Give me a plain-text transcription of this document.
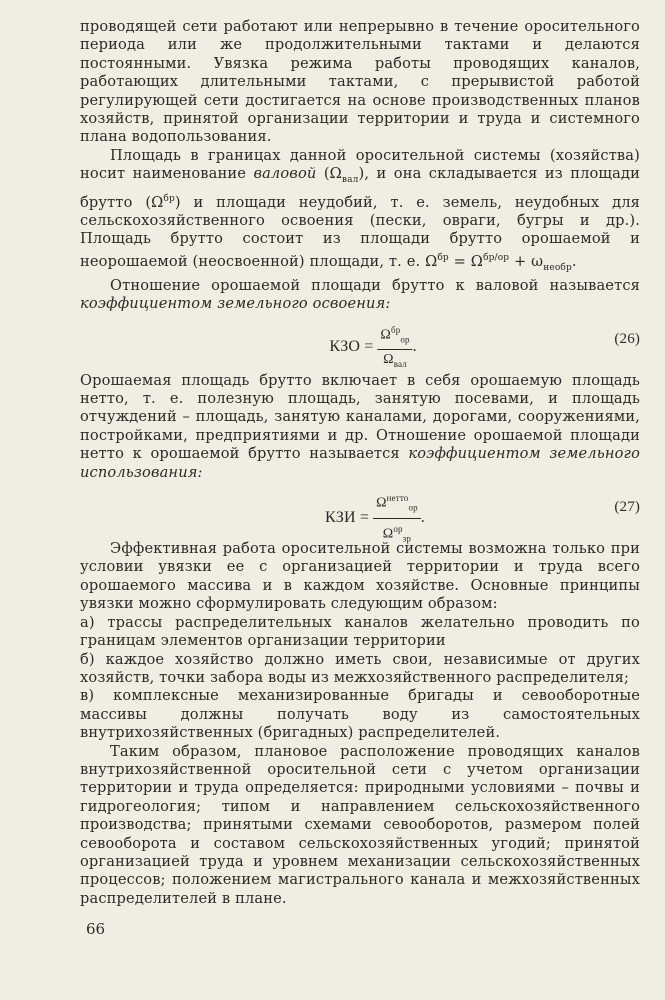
проводящей сети работают или непрерывно в течение оросительного периода или же продолжительными тактами и делаются постоянными. Увязка режима работы проводящих каналов, работающих длительными тактами, с прерывистой работой регулирующей сети достигается на основе производственных планов хозяйств, принятой организации территории и труда и системного плана водопользования.

Площадь в границах данной оросительной системы (хозяйства) носит наименование валовой $(\Omega_{вал})$, и она складывается из площади брутто $(\Omega^{бр})$ и площади неудобий, т. е. земель, неудобных для сельскохозяйственного освоения (пески, овраги, бугры и др.). Площадь брутто состоит из площади брутто орошаемой и неорошаемой (неосвоенной) площади, т. е. $\Omega^{бр} = \Omega^{бр/ор} + \omega_{необр}$.

Отношение орошаемой площади брутто к валовой называется коэффициентом земельного освоения:

КЗО = $\frac{\Omega^{бр}_{ор}}{\Omega_{вал}}$ .	(26)

Орошаемая площадь брутто включает в себя орошаемую площадь нетто, т. е. полезную площадь, занятую посевами, и площадь отчуждений – площадь, занятую каналами, дорогами, сооружениями, постройками, предприятиями и др. Отношение орошаемой площади нетто к орошаемой брутто называется коэффициентом земельного использования:

КЗИ = $\frac{\Omega^{нетто}_{ор}}{\Omega^{ор}_{зр}}$ .
(27)

Эффективная работа оросительной системы возможна только при условии увязки ее с организацией территории и труда всего орошаемого массива и в каждом хозяйстве. Основные принципы увязки можно сформулировать следующим образом:

а) трассы распределительных каналов желательно проводить по границам элементов организации территории

б) каждое хозяйство должно иметь свои, независимые от других хозяйств, точки забора воды из межхозяйственного распределителя;

в) комплексные механизированные бригады и севооборотные массивы должны получать воду из самостоятельных внутрихозяйственных (бригадных) распределителей.

Таким образом, плановое расположение проводящих каналов внутрихозяйственной оросительной сети с учетом организации территории и труда определяется: природными условиями – почвы и гидрогеология; типом и направлением сельскохозяйственного производства; принятыми схемами севооборотов, размером полей севооборота и составом сельскохозяйственных угодий; принятой организацией труда и уровнем механизации сельскохозяйственных процессов; положением магистрального канала и межхозяйственных распределителей в плане.

66
